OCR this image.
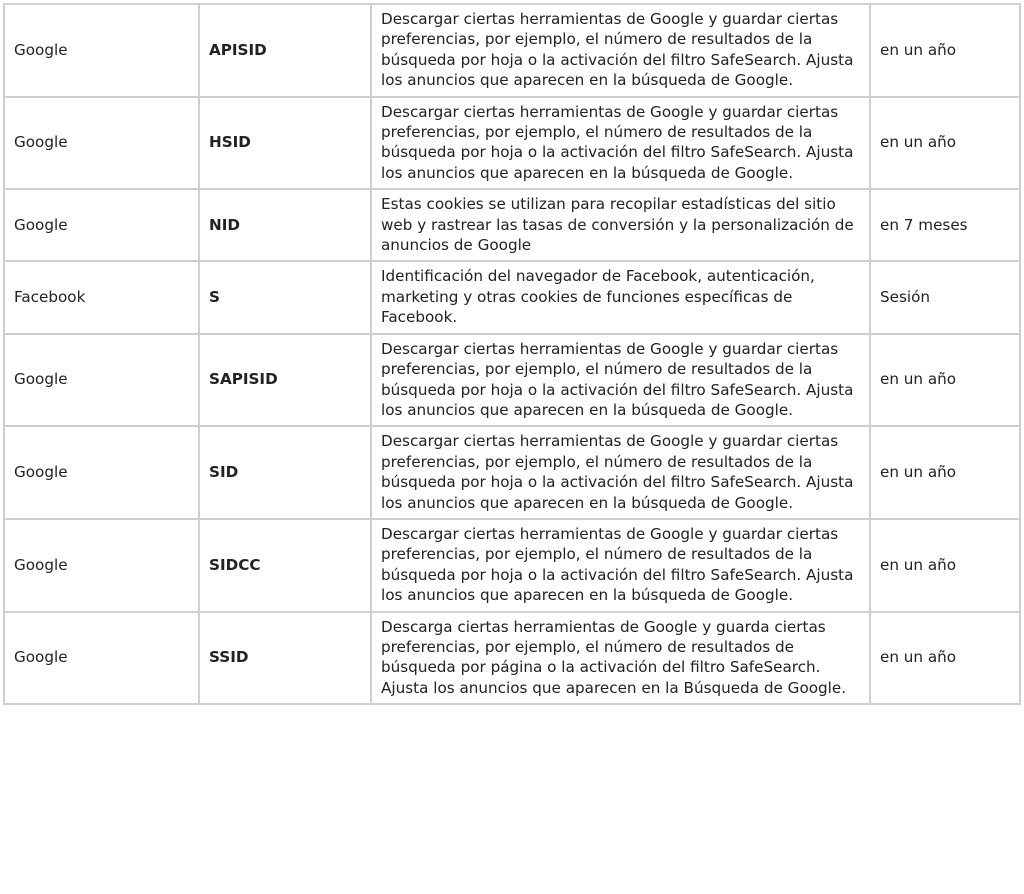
Google	APISID	Descargar ciertas herramientas de Google y guardar ciertas preferencias, por ejemplo, el número de resultados de la búsqueda por hoja o la activación del filtro SafeSearch. Ajusta los anuncios que aparecen en la búsqueda de Google.	en un año
Google	HSID	Descargar ciertas herramientas de Google y guardar ciertas preferencias, por ejemplo, el número de resultados de la búsqueda por hoja o la activación del filtro SafeSearch. Ajusta los anuncios que aparecen en la búsqueda de Google.	en un año
Google	NID	Estas cookies se utilizan para recopilar estadísticas del sitio web y rastrear las tasas de conversión y la personalización de anuncios de Google	en 7 meses
Facebook	S	Identificación del navegador de Facebook, autenticación, marketing y otras cookies de funciones específicas de Facebook.	Sesión
Google	SAPISID	Descargar ciertas herramientas de Google y guardar ciertas preferencias, por ejemplo, el número de resultados de la búsqueda por hoja o la activación del filtro SafeSearch. Ajusta los anuncios que aparecen en la búsqueda de Google.	en un año
Google	SID	Descargar ciertas herramientas de Google y guardar ciertas preferencias, por ejemplo, el número de resultados de la búsqueda por hoja o la activación del filtro SafeSearch. Ajusta los anuncios que aparecen en la búsqueda de Google.	en un año
Google	SIDCC	Descargar ciertas herramientas de Google y guardar ciertas preferencias, por ejemplo, el número de resultados de la búsqueda por hoja o la activación del filtro SafeSearch. Ajusta los anuncios que aparecen en la búsqueda de Google.	en un año
Google	SSID	Descarga ciertas herramientas de Google y guarda ciertas preferencias, por ejemplo, el número de resultados de búsqueda por página o la activación del filtro SafeSearch. Ajusta los anuncios que aparecen en la Búsqueda de Google.	en un año
